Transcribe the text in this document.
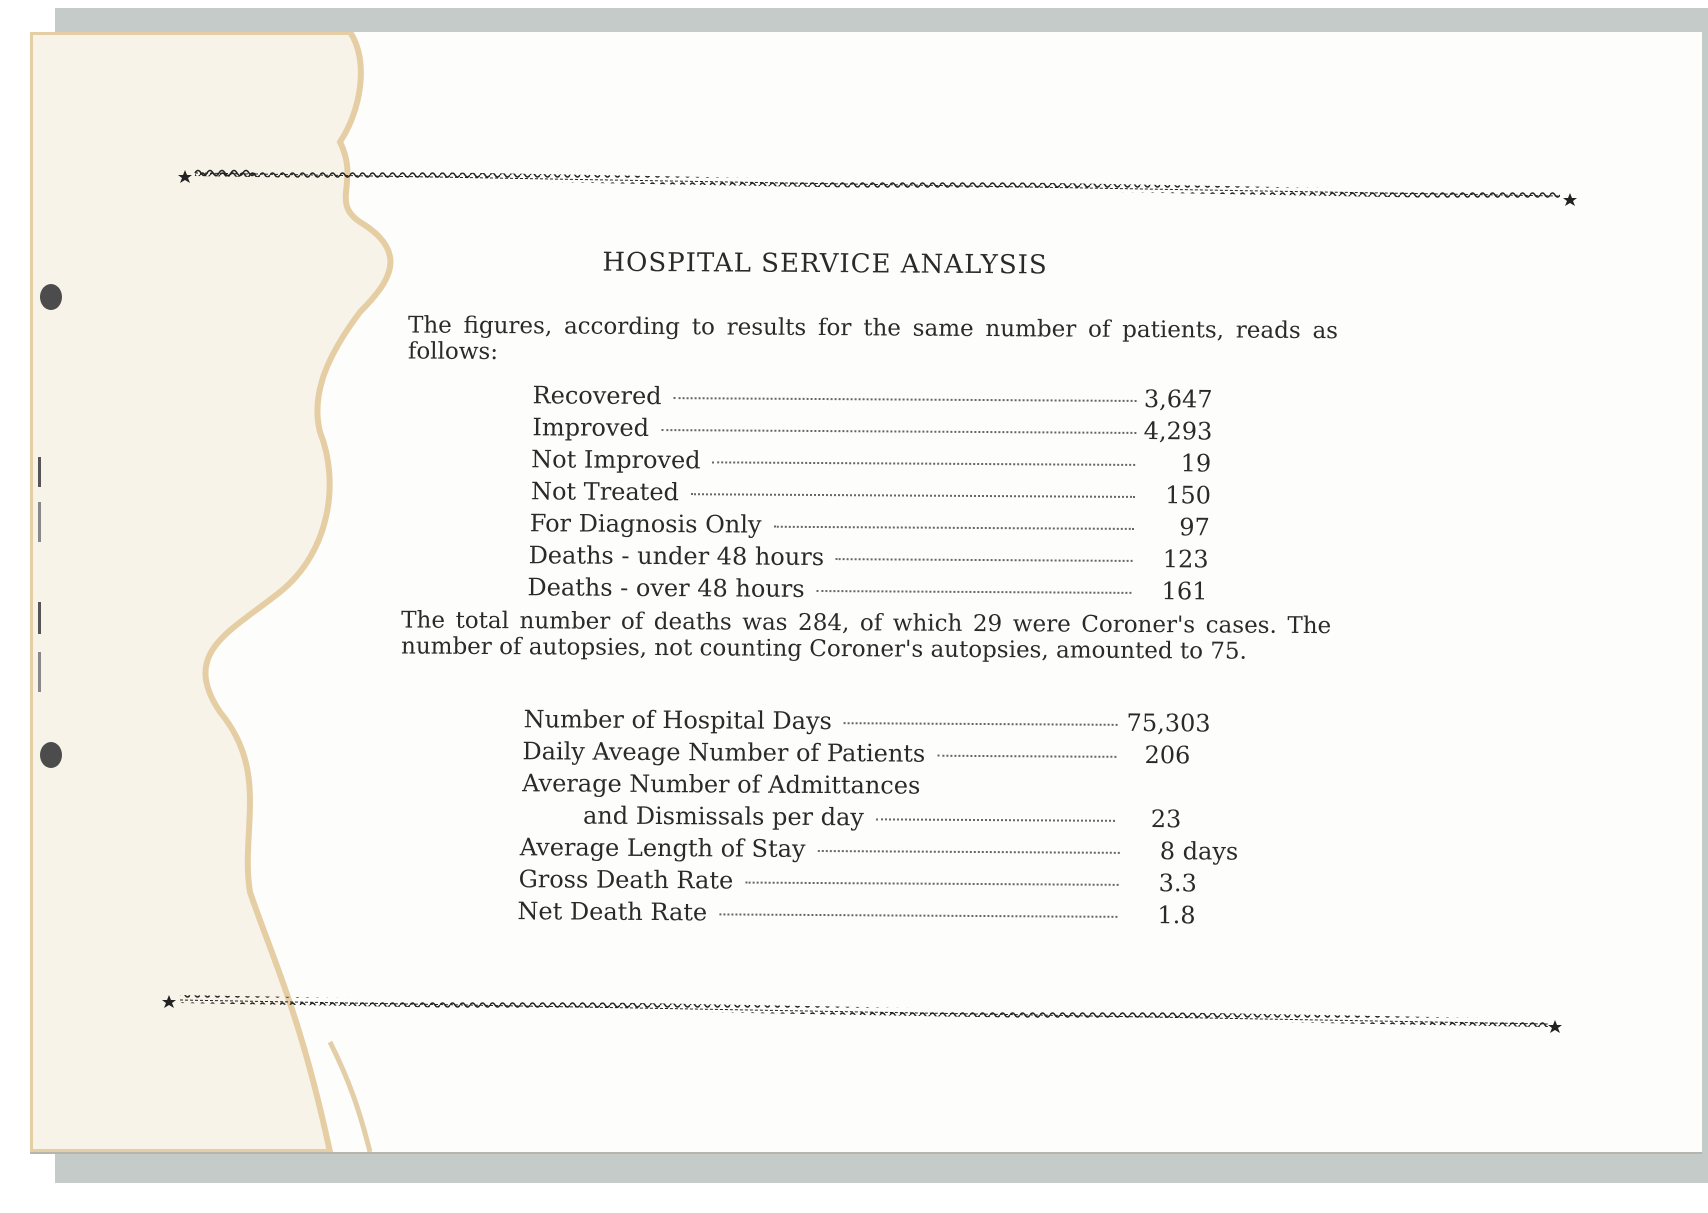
HOSPITAL SERVICE ANALYSIS
The figures, according to results for the same number of patients, reads as follows:
Recovered	3,647
Improved	4,293
Not Improved	19
Not Treated	150
For Diagnosis Only	97
Deaths - under 48 hours	123
Deaths - over 48 hours	161
The total number of deaths was 284, of which 29 were Coroner's cases. The number of autopsies, not counting Coroner's autopsies, amounted to 75.
Number of Hospital Days	75,303
Daily Aveage Number of Patients	206
Average Number of Admittances
and Dismissals per day	23
Average Length of Stay	8 days
Gross Death Rate	3.3
Net Death Rate	1.8
